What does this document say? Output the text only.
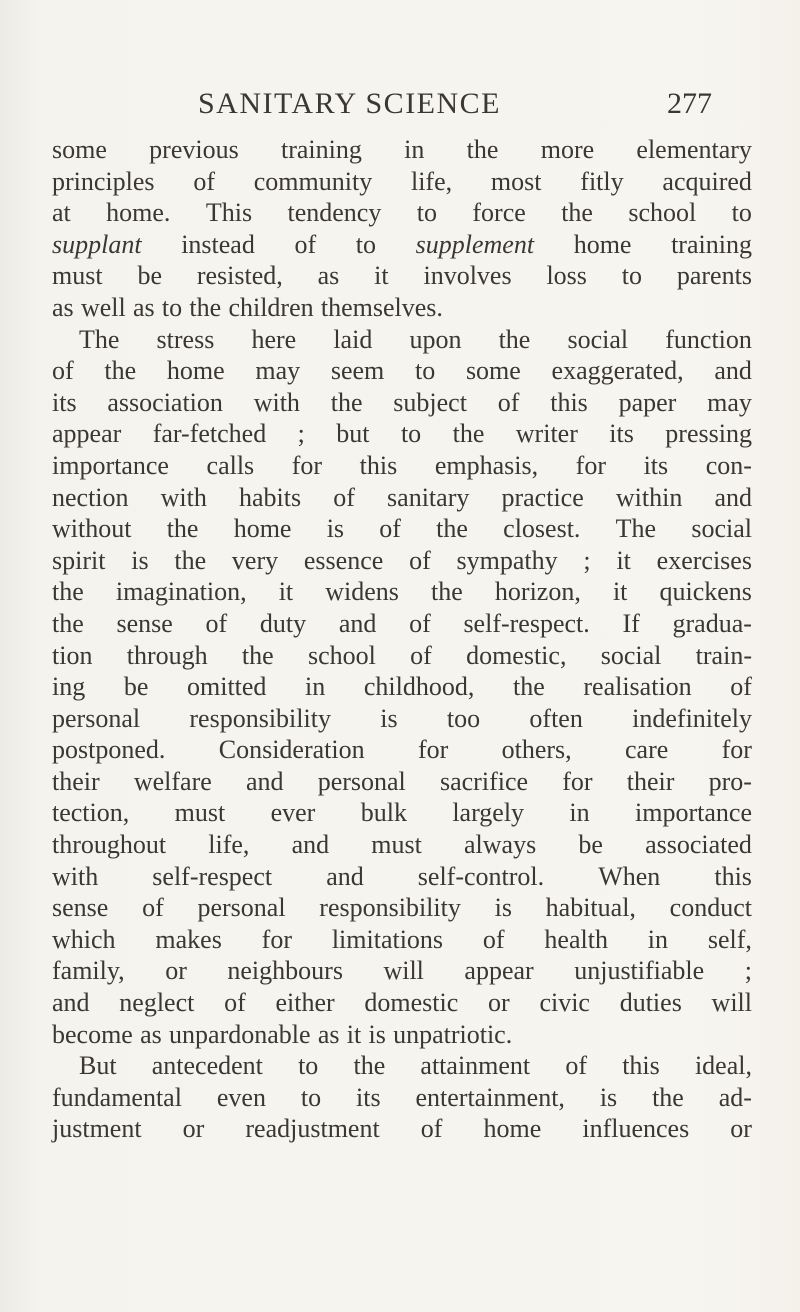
SANITARY SCIENCE	277
some previous training in the more elementary
principles of community life, most fitly acquired
at home. This tendency to force the school to
supplant instead of to supplement home training
must be resisted, as it involves loss to parents
as well as to the children themselves.
The stress here laid upon the social function
of the home may seem to some exaggerated, and
its association with the subject of this paper may
appear far-fetched ; but to the writer its pressing
importance calls for this emphasis, for its con-
nection with habits of sanitary practice within and
without the home is of the closest. The social
spirit is the very essence of sympathy ; it exercises
the imagination, it widens the horizon, it quickens
the sense of duty and of self-respect. If gradua-
tion through the school of domestic, social train-
ing be omitted in childhood, the realisation of
personal responsibility is too often indefinitely
postponed. Consideration for others, care for
their welfare and personal sacrifice for their pro-
tection, must ever bulk largely in importance
throughout life, and must always be associated
with self-respect and self-control. When this
sense of personal responsibility is habitual, conduct
which makes for limitations of health in self,
family, or neighbours will appear unjustifiable ;
and neglect of either domestic or civic duties will
become as unpardonable as it is unpatriotic.
But antecedent to the attainment of this ideal,
fundamental even to its entertainment, is the ad-
justment or readjustment of home influences or
